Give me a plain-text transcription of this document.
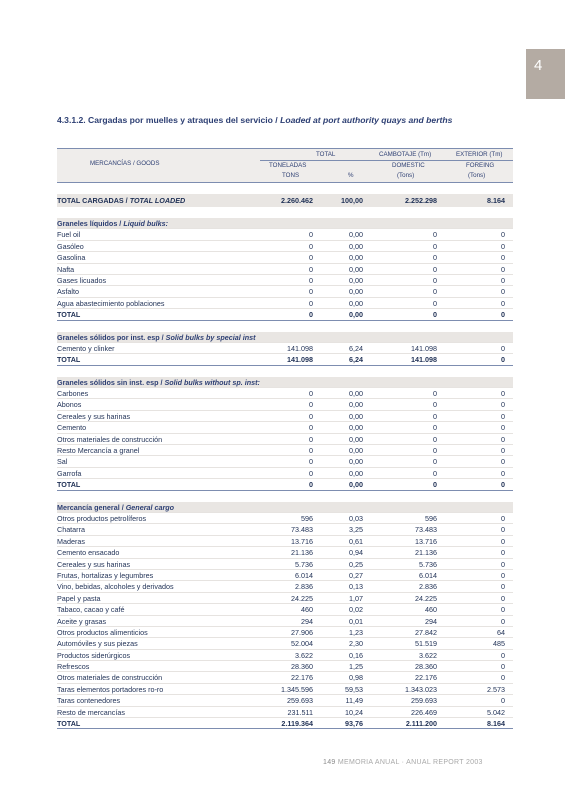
4
4.3.1.2. Cargadas por muelles y atraques del servicio / Loaded at port authority quays and berths
MERCANCÍAS / GOODS
TOTAL
TONELADAS
TONS	%
CAMBOTAJE (Tm)
DOMESTIC
(Tons)
EXTERIOR (Tm)
FOREING
(Tons)
TOTAL CARGADAS / TOTAL LOADED	2.260.462	100,00	2.252.298	8.164
Graneles líquidos / Liquid bulks:
Fuel oil	0	0,00	0	0
Gasóleo	0	0,00	0	0
Gasolina	0	0,00	0	0
Nafta	0	0,00	0	0
Gases licuados	0	0,00	0	0
Asfalto	0	0,00	0	0
Agua abastecimiento poblaciones	0	0,00	0	0
TOTAL	0	0,00	0	0
Graneles sólidos por inst. esp / Solid bulks by special inst
Cemento y clinker	141.098	6,24	141.098	0
TOTAL	141.098	6,24	141.098	0
Graneles sólidos sin inst. esp / Solid bulks without sp. inst:
Carbones	0	0,00	0	0
Abonos	0	0,00	0	0
Cereales y sus harinas	0	0,00	0	0
Cemento	0	0,00	0	0
Otros materiales de construcción	0	0,00	0	0
Resto Mercancía a granel	0	0,00	0	0
Sal	0	0,00	0	0
Garrofa	0	0,00	0	0
TOTAL	0	0,00	0	0
Mercancía general / General cargo
Otros productos petrolíferos	596	0,03	596	0
Chatarra	73.483	3,25	73.483	0
Maderas	13.716	0,61	13.716	0
Cemento ensacado	21.136	0,94	21.136	0
Cereales y sus harinas	5.736	0,25	5.736	0
Frutas, hortalizas y legumbres	6.014	0,27	6.014	0
Vino, bebidas, alcoholes y derivados	2.836	0,13	2.836	0
Papel y pasta	24.225	1,07	24.225	0
Tabaco, cacao y café	460	0,02	460	0
Aceite y grasas	294	0,01	294	0
Otros productos alimenticios	27.906	1,23	27.842	64
Automóviles y sus piezas	52.004	2,30	51.519	485
Productos siderúrgicos	3.622	0,16	3.622	0
Refrescos	28.360	1,25	28.360	0
Otros materiales de construcción	22.176	0,98	22.176	0
Taras elementos portadores ro-ro	1.345.596	59,53	1.343.023	2.573
Taras contenedores	259.693	11,49	259.693	0
Resto de mercancías	231.511	10,24	226.469	5.042
TOTAL	2.119.364	93,76	2.111.200	8.164
149 MEMORIA ANUAL · ANUAL REPORT 2003
